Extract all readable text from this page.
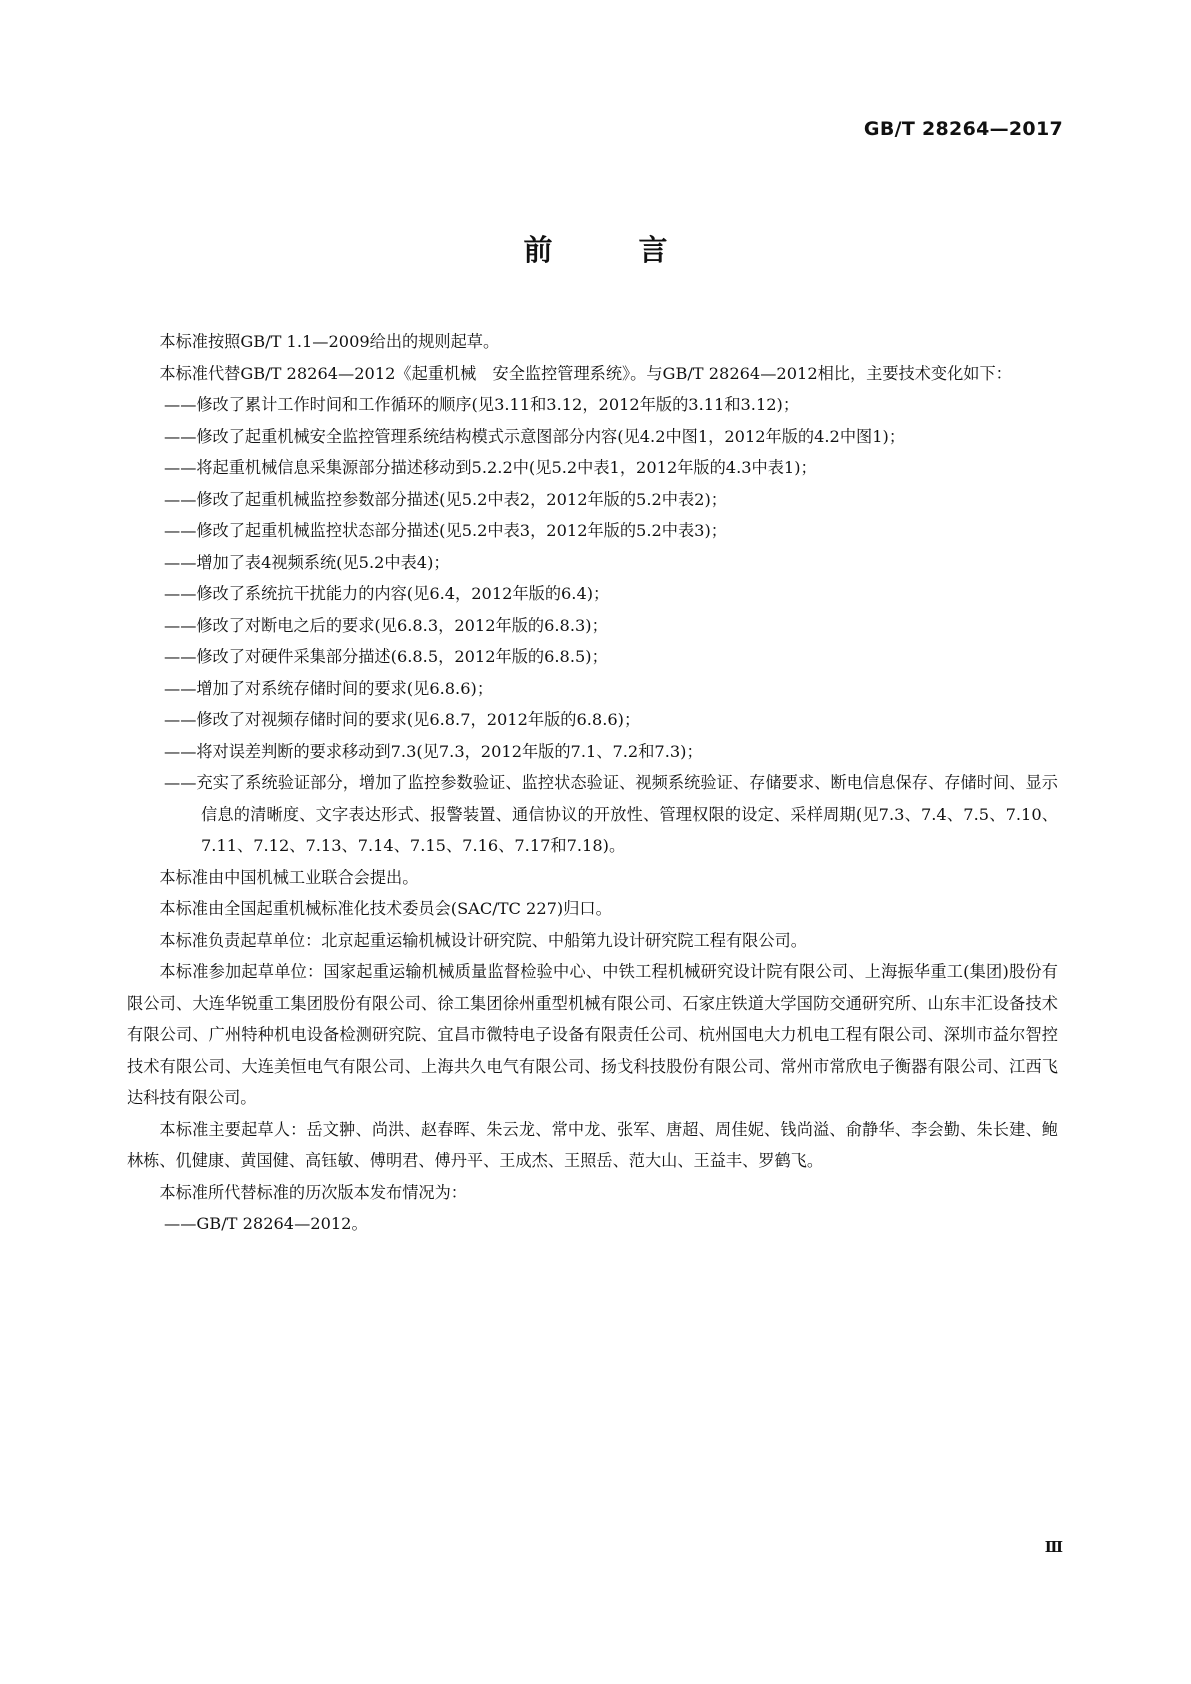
GB/T 28264—2017
前 言
本标准按照GB/T 1.1—2009给出的规则起草。
本标准代替GB/T 28264—2012《起重机械　安全监控管理系统》。与GB/T 28264—2012相比，主要技术变化如下：
——修改了累计工作时间和工作循环的顺序(见3.11和3.12，2012年版的3.11和3.12)；
——修改了起重机械安全监控管理系统结构模式示意图部分内容(见4.2中图1，2012年版的4.2中图1)；
——将起重机械信息采集源部分描述移动到5.2.2中(见5.2中表1，2012年版的4.3中表1)；
——修改了起重机械监控参数部分描述(见5.2中表2，2012年版的5.2中表2)；
——修改了起重机械监控状态部分描述(见5.2中表3，2012年版的5.2中表3)；
——增加了表4视频系统(见5.2中表4)；
——修改了系统抗干扰能力的内容(见6.4，2012年版的6.4)；
——修改了对断电之后的要求(见6.8.3，2012年版的6.8.3)；
——修改了对硬件采集部分描述(6.8.5，2012年版的6.8.5)；
——增加了对系统存储时间的要求(见6.8.6)；
——修改了对视频存储时间的要求(见6.8.7，2012年版的6.8.6)；
——将对误差判断的要求移动到7.3(见7.3，2012年版的7.1、7.2和7.3)；
——充实了系统验证部分，增加了监控参数验证、监控状态验证、视频系统验证、存储要求、断电信息保存、存储时间、显示信息的清晰度、文字表达形式、报警装置、通信协议的开放性、管理权限的设定、采样周期(见7.3、7.4、7.5、7.10、7.11、7.12、7.13、7.14、7.15、7.16、7.17和7.18)。
本标准由中国机械工业联合会提出。
本标准由全国起重机械标准化技术委员会(SAC/TC 227)归口。
本标准负责起草单位：北京起重运输机械设计研究院、中船第九设计研究院工程有限公司。
本标准参加起草单位：国家起重运输机械质量监督检验中心、中铁工程机械研究设计院有限公司、上海振华重工(集团)股份有限公司、大连华锐重工集团股份有限公司、徐工集团徐州重型机械有限公司、石家庄铁道大学国防交通研究所、山东丰汇设备技术有限公司、广州特种机电设备检测研究院、宜昌市微特电子设备有限责任公司、杭州国电大力机电工程有限公司、深圳市益尔智控技术有限公司、大连美恒电气有限公司、上海共久电气有限公司、扬戈科技股份有限公司、常州市常欣电子衡器有限公司、江西飞达科技有限公司。
本标准主要起草人：岳文翀、尚洪、赵春晖、朱云龙、常中龙、张军、唐超、周佳妮、钱尚溢、俞静华、李会勤、朱长建、鲍林栋、仉健康、黄国健、高钰敏、傅明君、傅丹平、王成杰、王照岳、范大山、王益丰、罗鹤飞。
本标准所代替标准的历次版本发布情况为：
——GB/T 28264—2012。
Ⅲ
